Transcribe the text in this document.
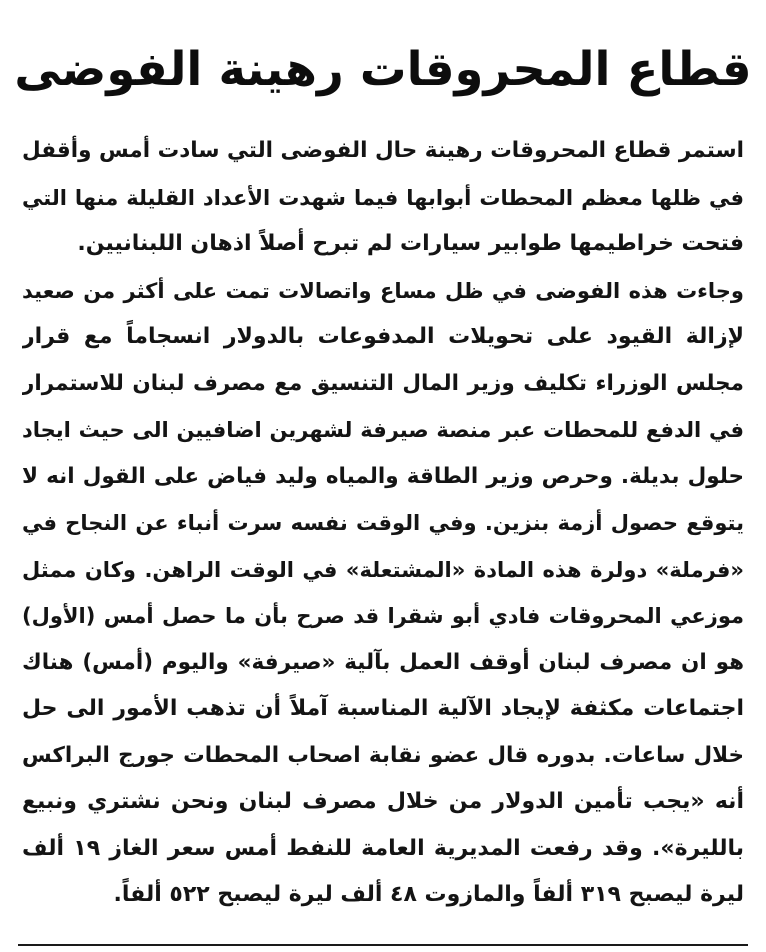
قطاع المحروقات رهينة الفوضى
استمر قطاع المحروقات رهينة حال الفوضى التي سادت أمس وأقفل
في ظلها معظم المحطات أبوابها فيما شهدت الأعداد القليلة منها التي
فتحت خراطيمها طوابير سيارات لم تبرح أصلاً اذهان اللبنانيين.
وجاءت هذه الفوضى في ظل مساع واتصالات تمت على أكثر من صعيد
لإزالة القيود على تحويلات المدفوعات بالدولار انسجاماً مع قرار
مجلس الوزراء تكليف وزير المال التنسيق مع مصرف لبنان للاستمرار
في الدفع للمحطات عبر منصة صيرفة لشهرين اضافيين الى حيث ايجاد
حلول بديلة. وحرص وزير الطاقة والمياه وليد فياض على القول انه لا
يتوقع حصول أزمة بنزين. وفي الوقت نفسه سرت أنباء عن النجاح في
«فرملة» دولرة هذه المادة «المشتعلة» في الوقت الراهن. وكان ممثل
موزعي المحروقات فادي أبو شقرا قد صرح بأن ما حصل أمس (الأول)
هو ان مصرف لبنان أوقف العمل بآلية «صيرفة» واليوم (أمس) هناك
اجتماعات مكثفة لإيجاد الآلية المناسبة آملاً أن تذهب الأمور الى حل
خلال ساعات. بدوره قال عضو نقابة اصحاب المحطات جورج البراكس
أنه «يجب تأمين الدولار من خلال مصرف لبنان ونحن نشتري ونبيع
بالليرة». وقد رفعت المديرية العامة للنفط أمس سعر الغاز ١٩ ألف
ليرة ليصبح ٣١٩ ألفاً والمازوت ٤٨ ألف ليرة ليصبح ٥٢٢ ألفاً.
